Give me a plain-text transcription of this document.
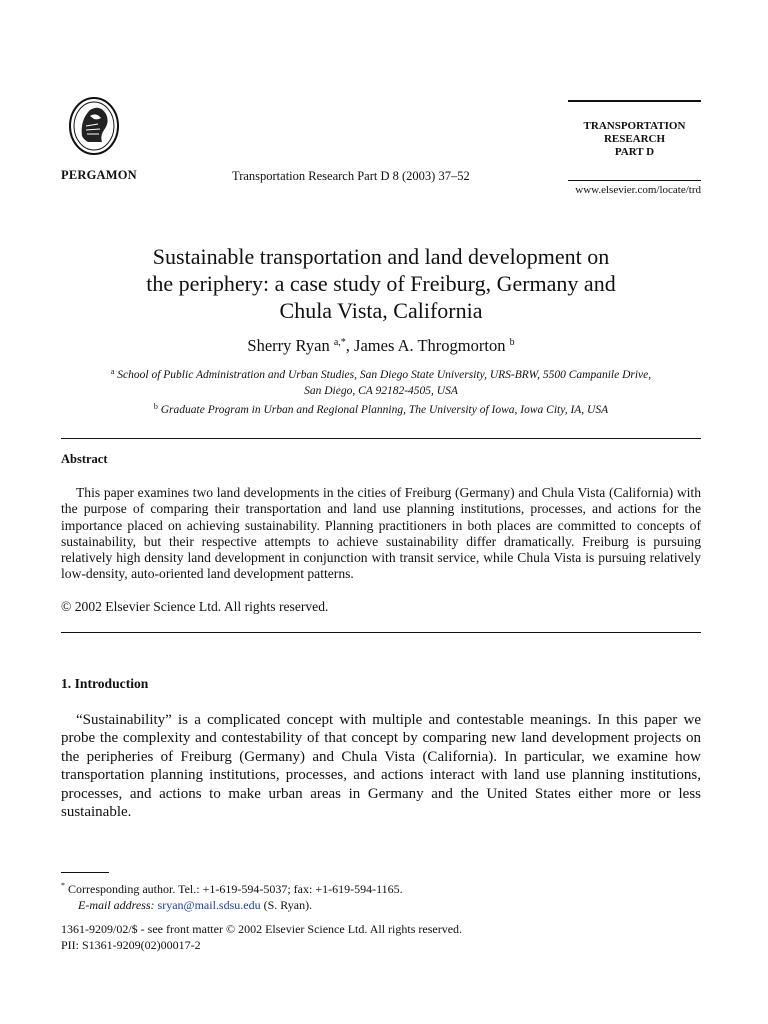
PERGAMON	Transportation Research Part D 8 (2003) 37–52
TRANSPORTATION
RESEARCH
PART D
www.elsevier.com/locate/trd
Sustainable transportation and land development on
the periphery: a case study of Freiburg, Germany and
Chula Vista, California
Sherry Ryan $^{a,*}$, James A. Throgmorton $^b$
$^a$ School of Public Administration and Urban Studies, San Diego State University, URS-BRW, 5500 Campanile Drive,
San Diego, CA 92182-4505, USA
$^b$ Graduate Program in Urban and Regional Planning, The University of Iowa, Iowa City, IA, USA
Abstract
This paper examines two land developments in the cities of Freiburg (Germany) and Chula Vista (California) with the purpose of comparing their transportation and land use planning institutions, processes, and actions for the importance placed on achieving sustainability. Planning practitioners in both places are committed to concepts of sustainability, but their respective attempts to achieve sustainability differ dramatically. Freiburg is pursuing relatively high density land development in conjunction with transit service, while Chula Vista is pursuing relatively low-density, auto-oriented land development patterns.
© 2002 Elsevier Science Ltd. All rights reserved.
1. Introduction
“Sustainability” is a complicated concept with multiple and contestable meanings. In this paper we probe the complexity and contestability of that concept by comparing new land development projects on the peripheries of Freiburg (Germany) and Chula Vista (California). In particular, we examine how transportation planning institutions, processes, and actions interact with land use planning institutions, processes, and actions to make urban areas in Germany and the United States either more or less sustainable.
* Corresponding author. Tel.: +1-619-594-5037; fax: +1-619-594-1165.
E-mail address: sryan@mail.sdsu.edu (S. Ryan).
1361-9209/02/$ - see front matter © 2002 Elsevier Science Ltd. All rights reserved.
PII: S1361-9209(02)00017-2
